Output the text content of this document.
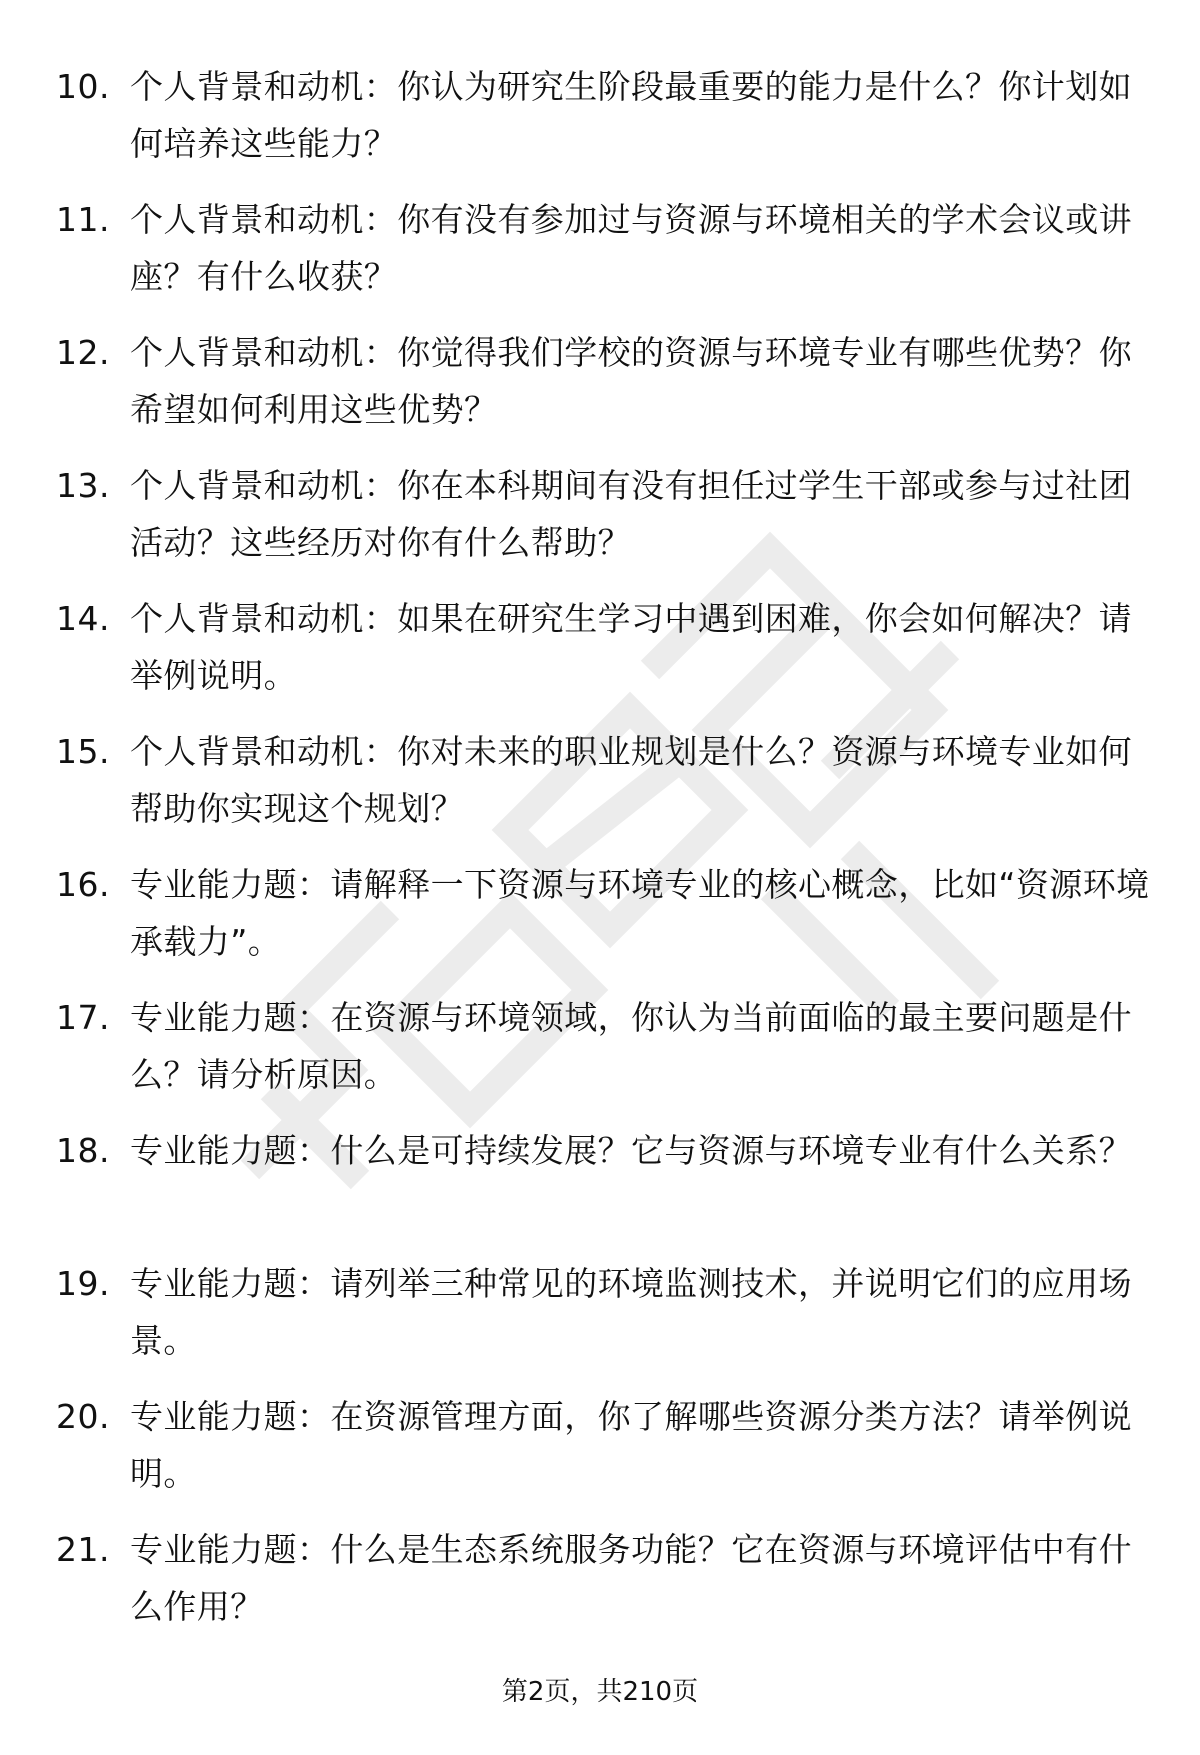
10. 个人背景和动机：你认为研究生阶段最重要的能力是什么？你计划如何培养这些能力？
11. 个人背景和动机：你有没有参加过与资源与环境相关的学术会议或讲座？有什么收获？
12. 个人背景和动机：你觉得我们学校的资源与环境专业有哪些优势？你希望如何利用这些优势？
13. 个人背景和动机：你在本科期间有没有担任过学生干部或参与过社团活动？这些经历对你有什么帮助？
14. 个人背景和动机：如果在研究生学习中遇到困难，你会如何解决？请举例说明。
15. 个人背景和动机：你对未来的职业规划是什么？资源与环境专业如何帮助你实现这个规划？
16. 专业能力题：请解释一下资源与环境专业的核心概念，比如“资源环境承载力”。
17. 专业能力题：在资源与环境领域，你认为当前面临的最主要问题是什么？请分析原因。
18. 专业能力题：什么是可持续发展？它与资源与环境专业有什么关系？
19. 专业能力题：请列举三种常见的环境监测技术，并说明它们的应用场景。
20. 专业能力题：在资源管理方面，你了解哪些资源分类方法？请举例说明。
21. 专业能力题：什么是生态系统服务功能？它在资源与环境评估中有什么作用？
第2页，共210页
